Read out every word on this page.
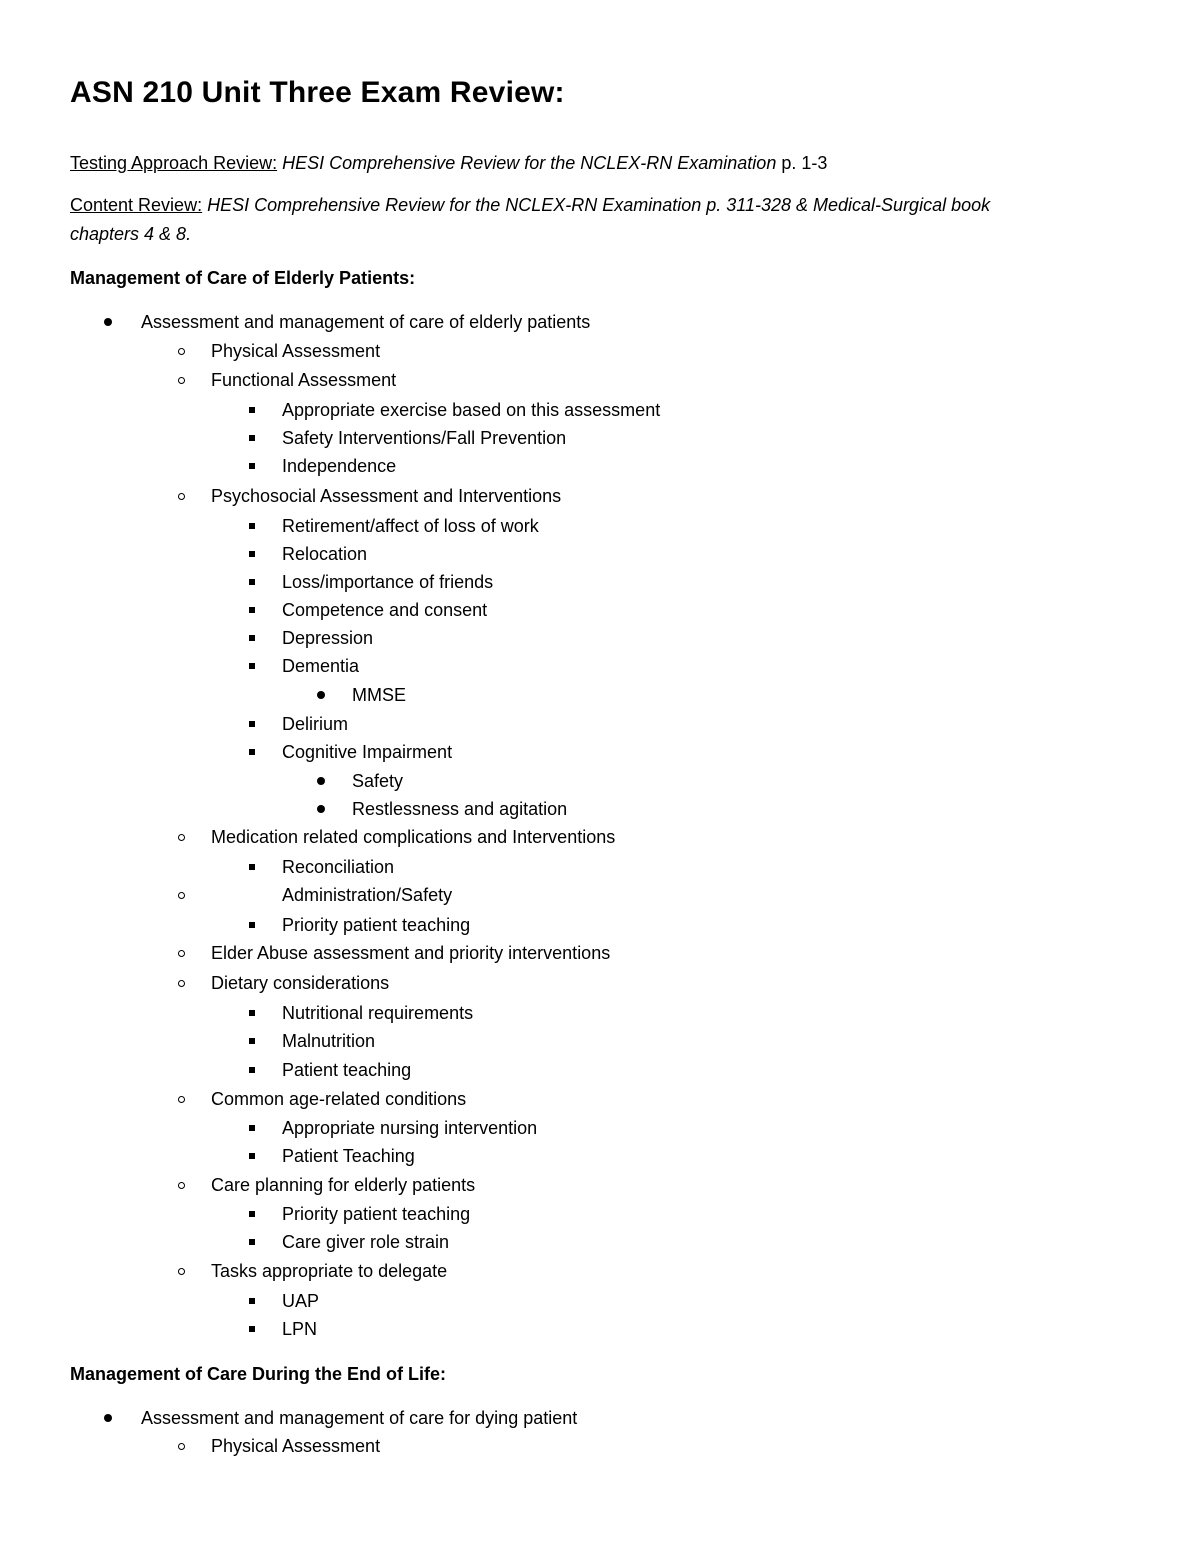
ASN 210 Unit Three Exam Review:
Testing Approach Review: HESI Comprehensive Review for the NCLEX-RN Examination p. 1-3
Content Review: HESI Comprehensive Review for the NCLEX-RN Examination p. 311-328 & Medical-Surgical book
chapters 4 & 8.
Management of Care of Elderly Patients:
Assessment and management of care of elderly patients
Physical Assessment
Functional Assessment
Appropriate exercise based on this assessment
Safety Interventions/Fall Prevention
Independence
Psychosocial Assessment and Interventions
Retirement/affect of loss of work
Relocation
Loss/importance of friends
Competence and consent
Depression
Dementia
MMSE
Delirium
Cognitive Impairment
Safety
Restlessness and agitation
Medication related complications and Interventions
Reconciliation
Administration/Safety
Priority patient teaching
Elder Abuse assessment and priority interventions
Dietary considerations
Nutritional requirements
Malnutrition
Patient teaching
Common age-related conditions
Appropriate nursing intervention
Patient Teaching
Care planning for elderly patients
Priority patient teaching
Care giver role strain
Tasks appropriate to delegate
UAP
LPN
Management of Care During the End of Life:
Assessment and management of care for dying patient
Physical Assessment
